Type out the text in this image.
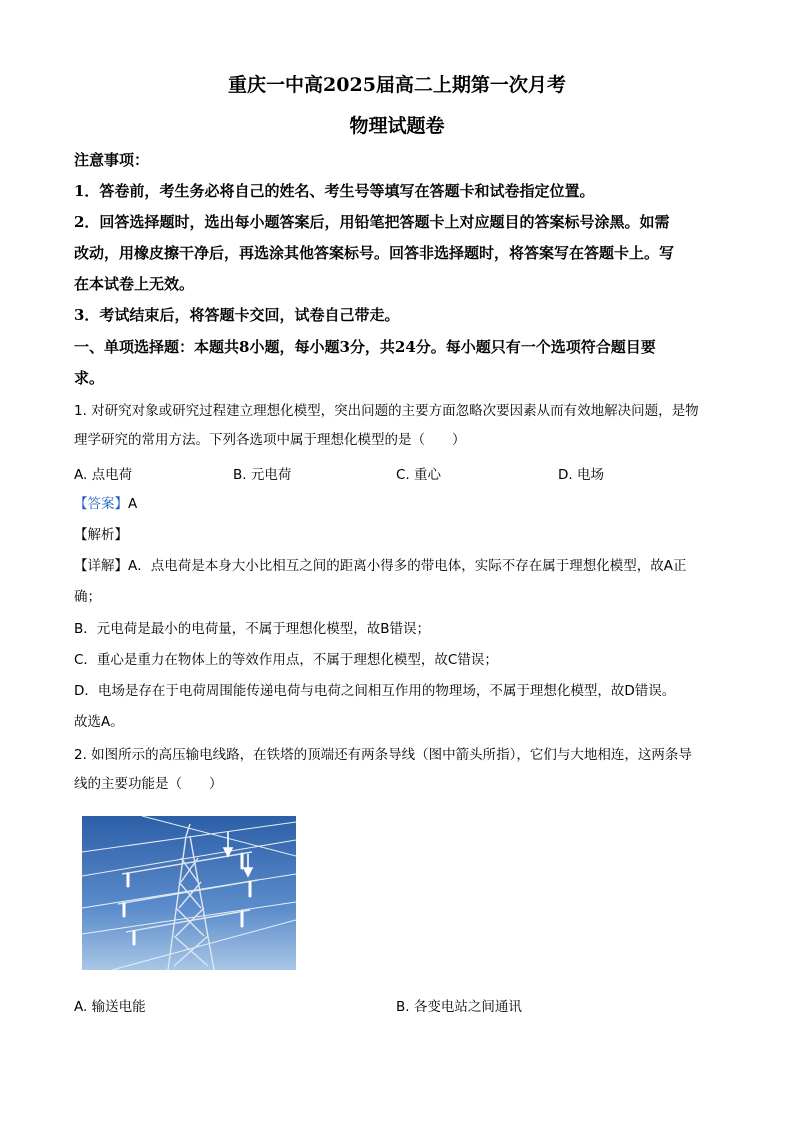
重庆一中高2025届高二上期第一次月考
物理试题卷
注意事项：
1．答卷前，考生务必将自己的姓名、考生号等填写在答题卡和试卷指定位置。
2．回答选择题时，选出每小题答案后，用铅笔把答题卡上对应题目的答案标号涂黑。如需
改动，用橡皮擦干净后，再选涂其他答案标号。回答非选择题时，将答案写在答题卡上。写
在本试卷上无效。
3．考试结束后，将答题卡交回，试卷自己带走。
一、单项选择题：本题共8小题，每小题3分，共24分。每小题只有一个选项符合题目要
求。
1. 对研究对象或研究过程建立理想化模型，突出问题的主要方面忽略次要因素从而有效地解决问题，是物
理学研究的常用方法。下列各选项中属于理想化模型的是（　　）
A. 点电荷	B. 元电荷	C. 重心	D. 电场
【答案】A
【解析】
【详解】A．点电荷是本身大小比相互之间的距离小得多的带电体，实际不存在属于理想化模型，故A正
确；
B．元电荷是最小的电荷量，不属于理想化模型，故B错误；
C．重心是重力在物体上的等效作用点，不属于理想化模型，故C错误；
D．电场是存在于电荷周围能传递电荷与电荷之间相互作用的物理场，不属于理想化模型，故D错误。
故选A。
2. 如图所示的高压输电线路，在铁塔的顶端还有两条导线（图中箭头所指），它们与大地相连，这两条导
线的主要功能是（　　）
A. 输送电能	B. 各变电站之间通讯
